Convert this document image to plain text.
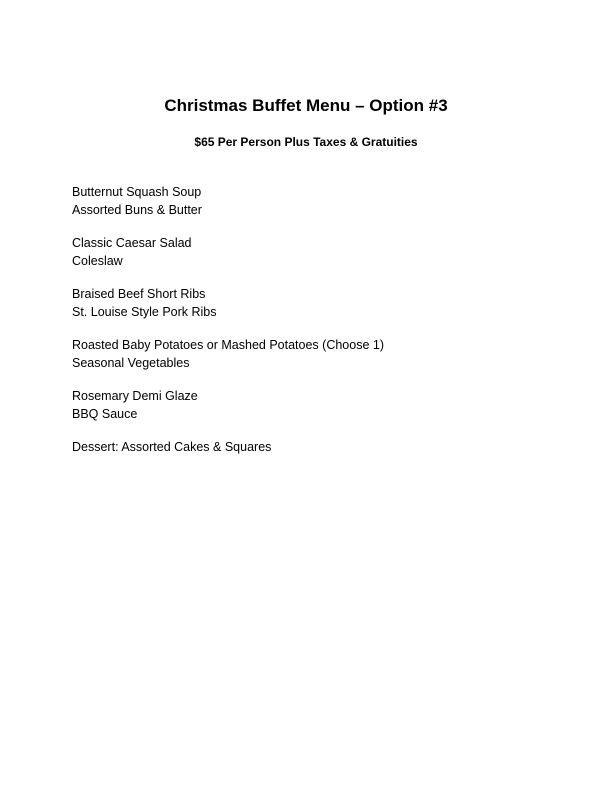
Christmas Buffet Menu – Option #3
$65 Per Person Plus Taxes & Gratuities
Butternut Squash Soup
Assorted Buns & Butter
Classic Caesar Salad
Coleslaw
Braised Beef Short Ribs
St. Louise Style Pork Ribs
Roasted Baby Potatoes or Mashed Potatoes (Choose 1)
Seasonal Vegetables
Rosemary Demi Glaze
BBQ Sauce
Dessert: Assorted Cakes & Squares
